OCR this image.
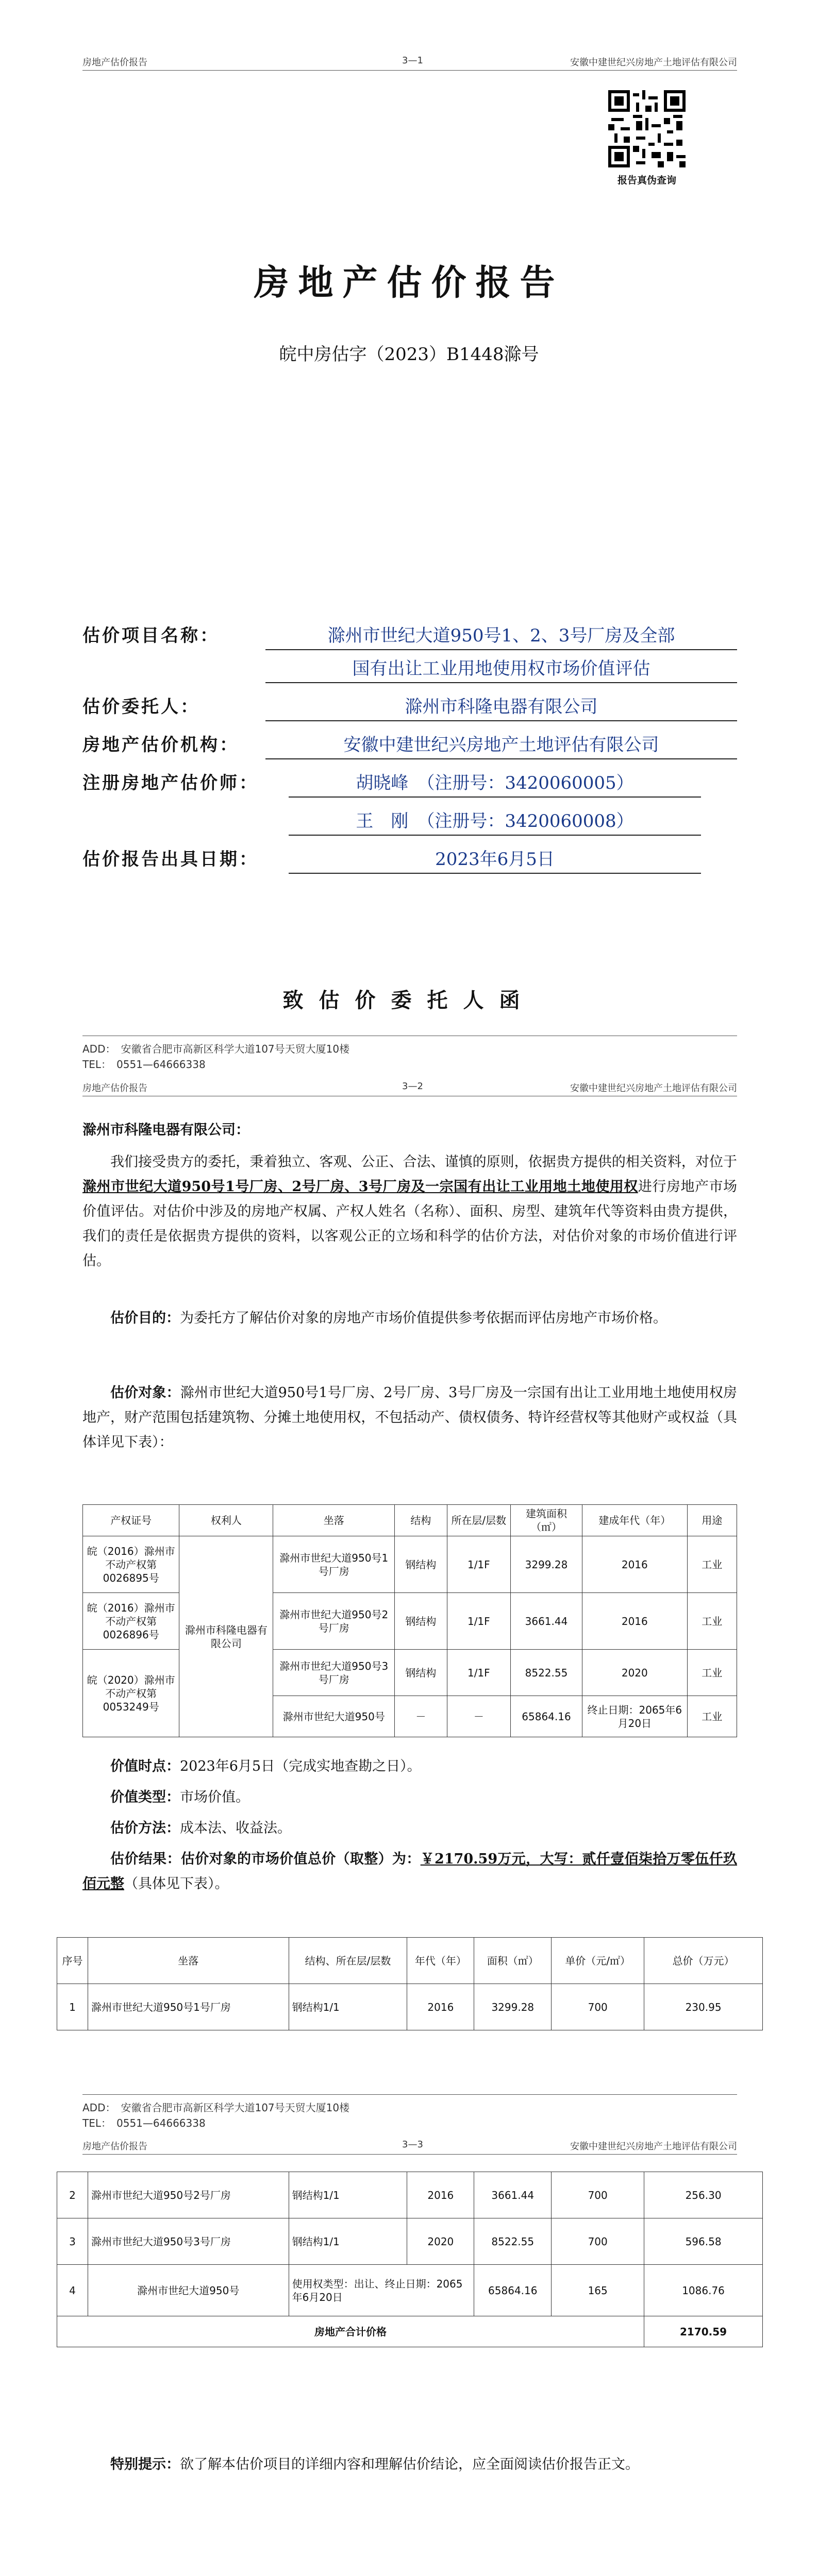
房地产估价报告	3—1	安徽中建世纪兴房地产土地评估有限公司
报告真伪查询
房地产估价报告
皖中房估字（2023）B1448滁号
估价项目名称：	滁州市世纪大道950号1、2、3号厂房及全部
国有出让工业用地使用权市场价值评估
估价委托人：	滁州市科隆电器有限公司
房地产估价机构：	安徽中建世纪兴房地产土地评估有限公司
注册房地产估价师：	胡晓峰　（注册号：3420060005）
王　刚　（注册号：3420060008）
估价报告出具日期：	2023年6月5日
致估价委托人函
ADD：　安徽省合肥市高新区科学大道107号天贸大厦10楼
TEL：　0551—64666338
房地产估价报告	3—2	安徽中建世纪兴房地产土地评估有限公司
滁州市科隆电器有限公司：
我们接受贵方的委托，秉着独立、客观、公正、合法、谨慎的原则，依据贵方提供的相关资料，对位于滁州市世纪大道950号1号厂房、2号厂房、3号厂房及一宗国有出让工业用地土地使用权进行房地产市场价值评估。对估价中涉及的房地产权属、产权人姓名（名称）、面积、房型、建筑年代等资料由贵方提供，我们的责任是依据贵方提供的资料，以客观公正的立场和科学的估价方法，对估价对象的市场价值进行评估。
估价目的：为委托方了解估价对象的房地产市场价值提供参考依据而评估房地产市场价格。
估价对象：滁州市世纪大道950号1号厂房、2号厂房、3号厂房及一宗国有出让工业用地土地使用权房地产，财产范围包括建筑物、分摊土地使用权，不包括动产、债权债务、特许经营权等其他财产或权益（具体详见下表）：
产权证号	权利人	坐落	结构	所在层/层数	建筑面积（㎡）	建成年代（年）	用途
皖（2016）滁州市不动产权第0026895号	滁州市科隆电器有限公司	滁州市世纪大道950号1号厂房	钢结构	1/1F	3299.28	2016	工业
皖（2016）滁州市不动产权第0026896号		滁州市世纪大道950号2号厂房	钢结构	1/1F	3661.44	2016	工业
皖（2020）滁州市不动产权第0053249号		滁州市世纪大道950号3号厂房	钢结构	1/1F	8522.55	2020	工业
		滁州市世纪大道950号	－	－	65864.16	终止日期：2065年6月20日	工业
价值时点：2023年6月5日（完成实地查勘之日）。
价值类型：市场价值。
估价方法：成本法、收益法。
估价结果：估价对象的市场价值总价（取整）为：￥2170.59万元，大写：贰仟壹佰柒拾万零伍仟玖佰元整（具体见下表）。
序号	坐落	结构、所在层/层数	年代（年）	面积（㎡）	单价（元/㎡）	总价（万元）
1	滁州市世纪大道950号1号厂房	钢结构1/1	2016	3299.28	700	230.95
ADD：　安徽省合肥市高新区科学大道107号天贸大厦10楼
TEL：　0551—64666338
房地产估价报告	3—3	安徽中建世纪兴房地产土地评估有限公司
2	滁州市世纪大道950号2号厂房	钢结构1/1	2016	3661.44	700	256.30
3	滁州市世纪大道950号3号厂房	钢结构1/1	2020	8522.55	700	596.58
4	滁州市世纪大道950号	使用权类型：出让、终止日期：2065年6月20日		65864.16	165	1086.76
房地产合计价格						2170.59
特别提示：欲了解本估价项目的详细内容和理解估价结论，应全面阅读估价报告正文。
